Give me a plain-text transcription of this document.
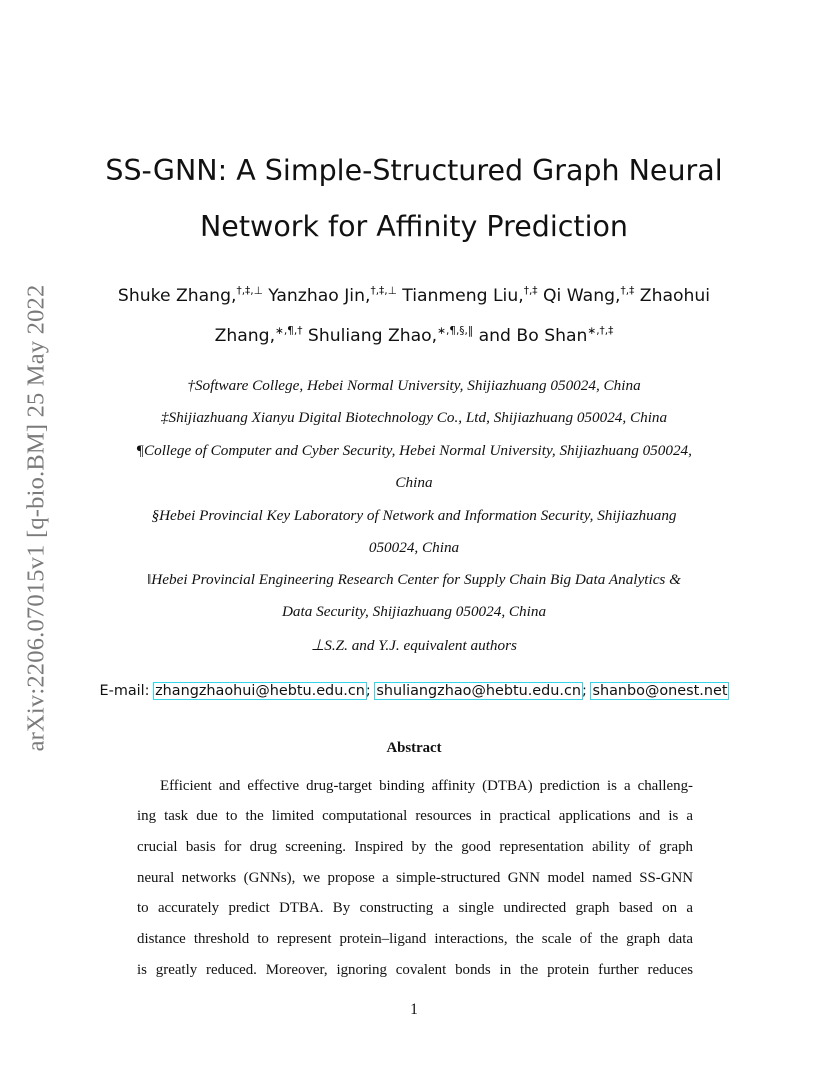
arXiv:2206.07015v1 [q-bio.BM] 25 May 2022
SS-GNN: A Simple-Structured Graph Neural
Network for Affinity Prediction
Shuke Zhang,†,‡,⊥ Yanzhao Jin,†,‡,⊥ Tianmeng Liu,†,‡ Qi Wang,†,‡ Zhaohui
Zhang,∗,¶,† Shuliang Zhao,∗,¶,§,‖ and Bo Shan∗,†,‡
†Software College, Hebei Normal University, Shijiazhuang 050024, China
‡Shijiazhuang Xianyu Digital Biotechnology Co., Ltd, Shijiazhuang 050024, China
¶College of Computer and Cyber Security, Hebei Normal University, Shijiazhuang 050024,
China
§Hebei Provincial Key Laboratory of Network and Information Security, Shijiazhuang
050024, China
‖Hebei Provincial Engineering Research Center for Supply Chain Big Data Analytics &
Data Security, Shijiazhuang 050024, China
⊥S.Z. and Y.J. equivalent authors
E-mail: zhangzhaohui@hebtu.edu.cn; shuliangzhao@hebtu.edu.cn; shanbo@onest.net
Abstract
Efficient and effective drug-target binding affinity (DTBA) prediction is a challeng-
ing task due to the limited computational resources in practical applications and is a
crucial basis for drug screening. Inspired by the good representation ability of graph
neural networks (GNNs), we propose a simple-structured GNN model named SS-GNN
to accurately predict DTBA. By constructing a single undirected graph based on a
distance threshold to represent protein–ligand interactions, the scale of the graph data
is greatly reduced. Moreover, ignoring covalent bonds in the protein further reduces
1
